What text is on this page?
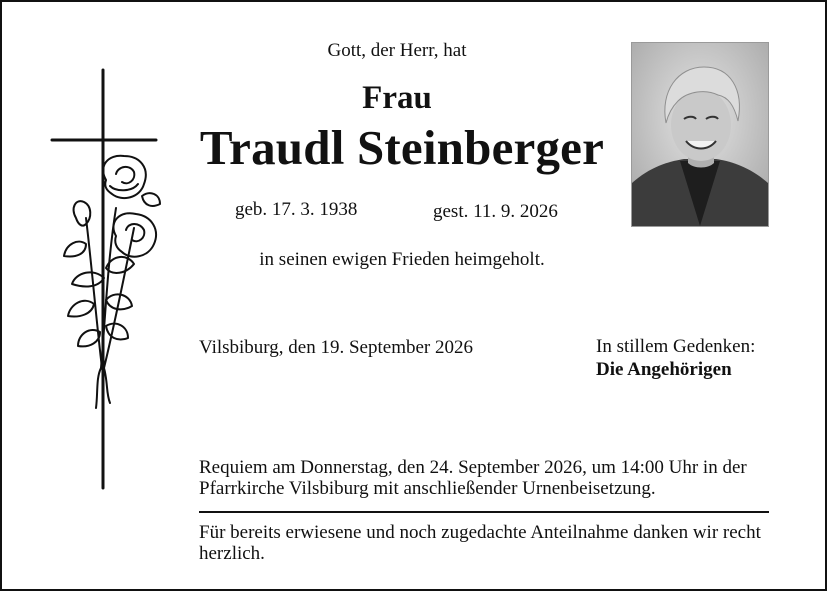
Gott, der Herr, hat
Frau
Traudl Steinberger
geb. 17. 3. 1938	gest. 11. 9. 2026
in seinen ewigen Frieden heimgeholt.
Vilsbiburg, den 19. September 2026	In stillem Gedenken:
Die Angehörigen
Requiem am Donnerstag, den 24. September 2026, um 14:00 Uhr in der Pfarrkirche Vilsbiburg mit anschließender Urnenbeisetzung.
Für bereits erwiesene und noch zugedachte Anteilnahme danken wir recht herzlich.
